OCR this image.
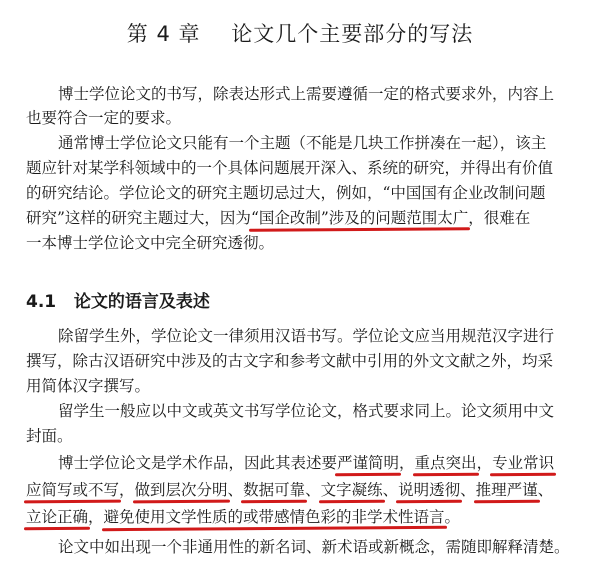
第 4 章    论文几个主要部分的写法
博士学位论文的书写，除表达形式上需要遵循一定的格式要求外，内容上
也要符合一定的要求。
通常博士学位论文只能有一个主题（不能是几块工作拼凑在一起），该主
题应针对某学科领域中的一个具体问题展开深入、系统的研究，并得出有价值
的研究结论。学位论文的研究主题切忌过大，例如，“中国国有企业改制问题
研究”这样的研究主题过大，因为“国企改制”涉及的问题范围太广，很难在
一本博士学位论文中完全研究透彻。
4.1   论文的语言及表述
除留学生外，学位论文一律须用汉语书写。学位论文应当用规范汉字进行
撰写，除古汉语研究中涉及的古文字和参考文献中引用的外文文献之外，均采
用简体汉字撰写。
留学生一般应以中文或英文书写学位论文，格式要求同上。论文须用中文
封面。
博士学位论文是学术作品，因此其表述要严谨简明，重点突出，专业常识
应简写或不写，做到层次分明、数据可靠、文字凝练、说明透彻、推理严谨、
立论正确，避免使用文学性质的或带感情色彩的非学术性语言。
论文中如出现一个非通用性的新名词、新术语或新概念，需随即解释清楚。
